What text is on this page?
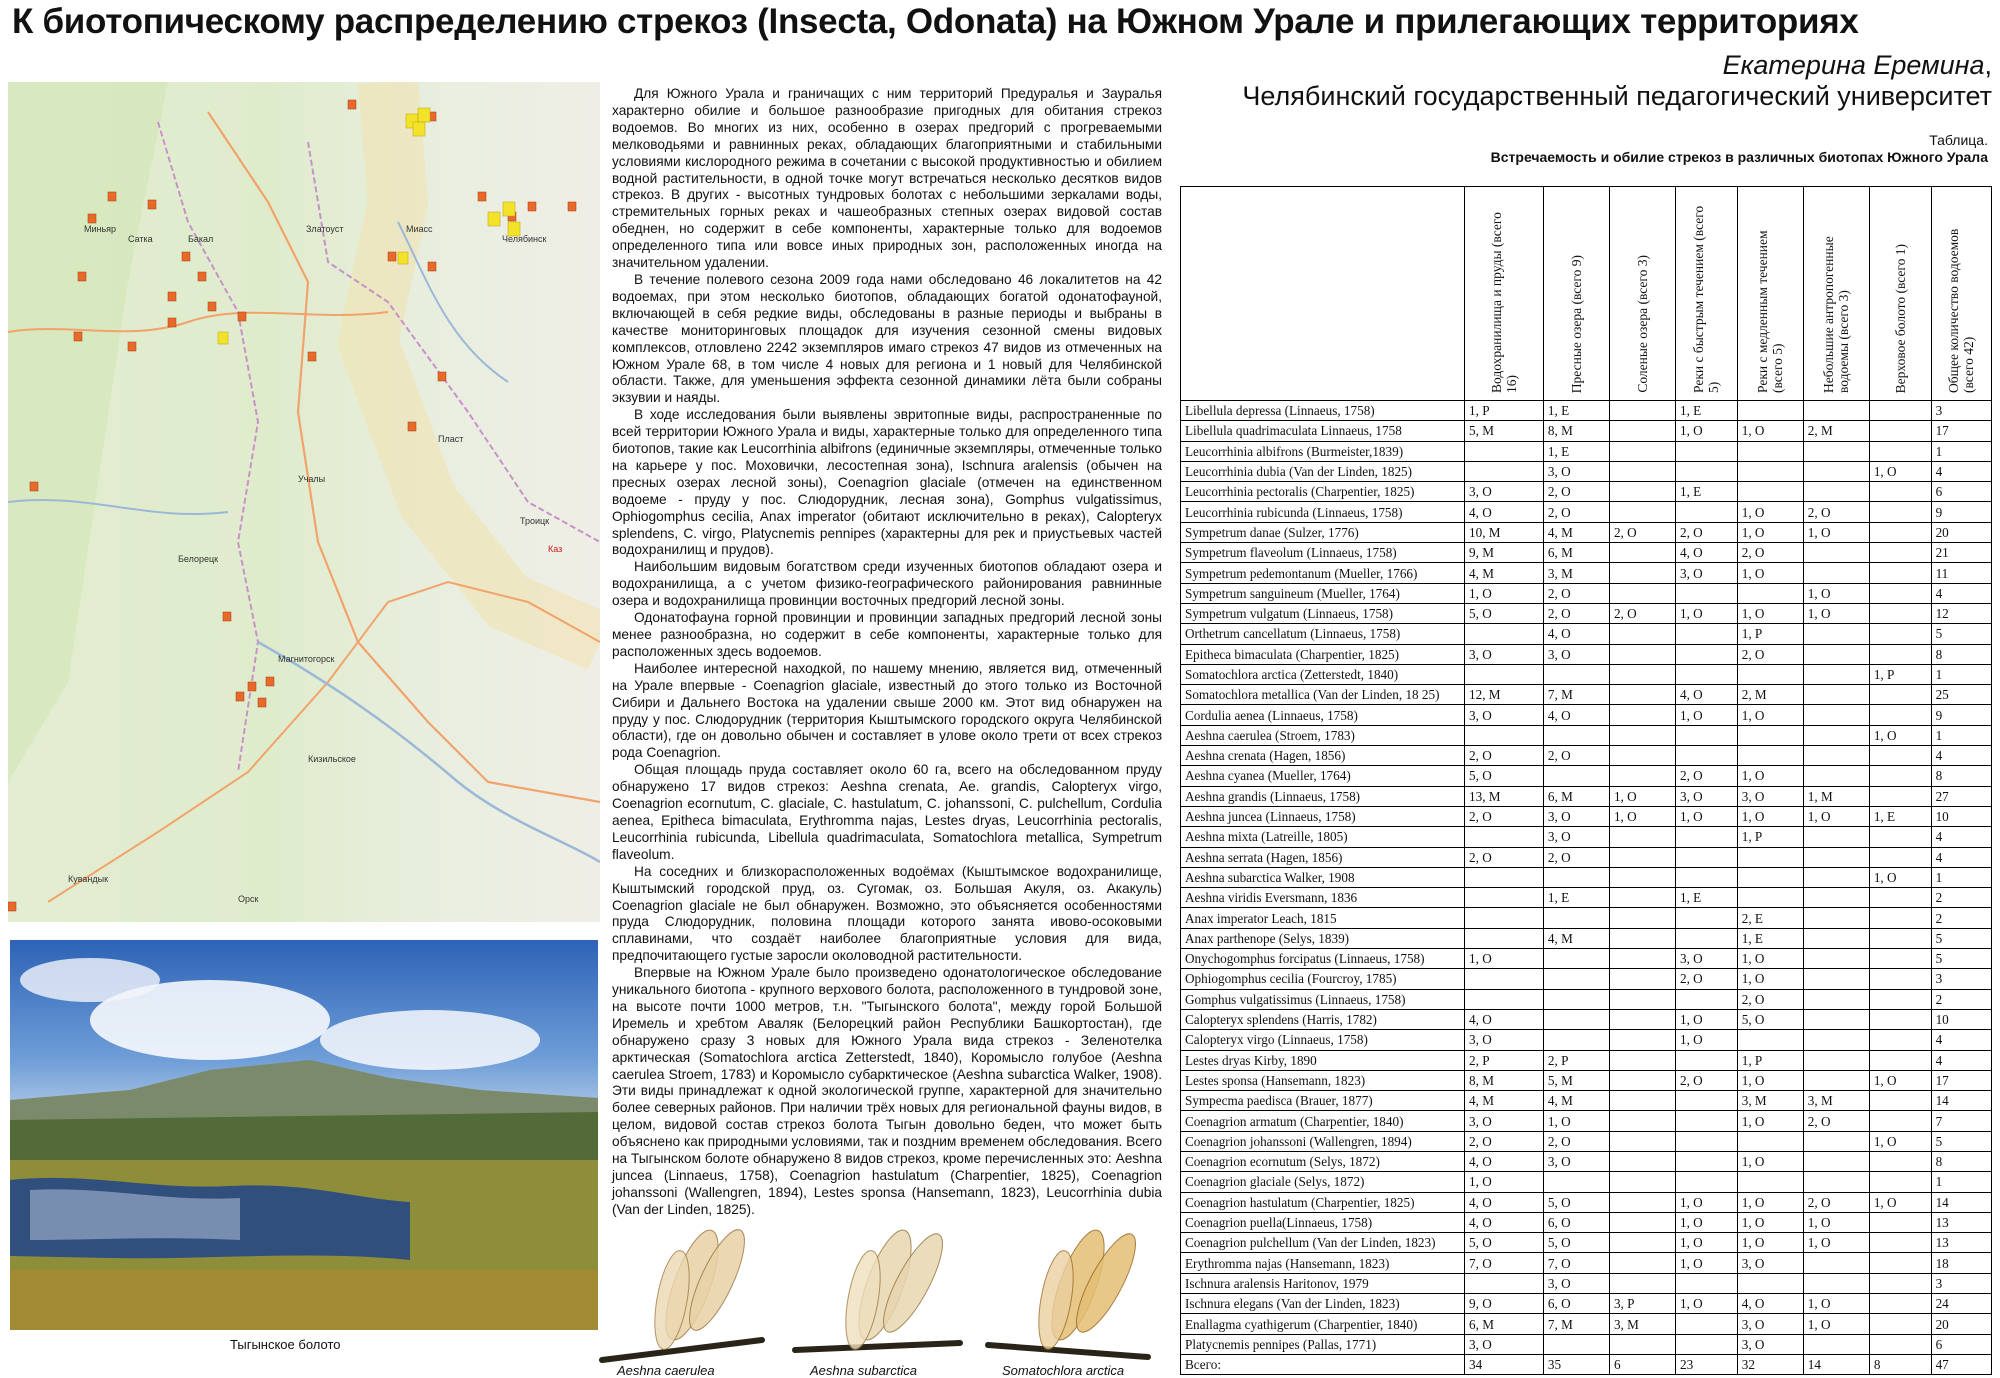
К биотопическому распределению стрекоз (Insecta, Odonata) на Южном Урале и прилегающих территориях
Екатерина Еремина,
Челябинский государственный педагогический университет
Миньяр
Сатка	Бакал
Златоуст	Миасс
Челябинск
Учалы
Белорецк
Магнитогорск
Пласт
Троицк
Кизильское
Кувандык
Орск
Каз
Тыгынское болото

Для Южного Урала и граничащих с ним территорий Предуралья и Зауралья характерно обилие и большое разнообразие пригодных для обитания стрекоз водоемов. Во многих из них, особенно в озерах предгорий с прогреваемыми мелководьями и равнинных реках, обладающих благоприятными и стабильными условиями кислородного режима в сочетании с высокой продуктивностью и обилием водной растительности, в одной точке могут встречаться несколько десятков видов стрекоз. В других - высотных тундровых болотах с небольшими зеркалами воды, стремительных горных реках и чашеобразных степных озерах видовой состав обеднен, но содержит в себе компоненты, характерные только для водоемов определенного типа или вовсе иных природных зон, расположенных иногда на значительном удалении.

В течение полевого сезона 2009 года нами обследовано 46 локалитетов на 42 водоемах, при этом несколько биотопов, обладающих богатой одонатофауной, включающей в себя редкие виды, обследованы в разные периоды и выбраны в качестве мониторинговых площадок для изучения сезонной смены видовых комплексов, отловлено 2242 экземпляров имаго стрекоз 47 видов из отмеченных на Южном Урале 68, в том числе 4 новых для региона и 1 новый для Челябинской области. Также, для уменьшения эффекта сезонной динамики лёта были собраны экзувии и наяды.

В ходе исследования были выявлены эвритопные виды, распространенные по всей территории Южного Урала и виды, характерные только для определенного типа биотопов, такие как Leucorrhinia albifrons (единичные экземпляры, отмеченные только на карьере у пос. Моховички, лесостепная зона), Ischnura aralensis (обычен на пресных озерах лесной зоны), Coenagrion glaciale (отмечен на единственном водоеме - пруду у пос. Слюдорудник, лесная зона), Gomphus vulgatissimus, Ophiogomphus cecilia, Anax imperator (обитают исключительно в реках), Calopteryx splendens, C. virgo, Platycnemis pennipes (характерны для рек и приустьевых частей водохранилищ и прудов).

Наибольшим видовым богатством среди изученных биотопов обладают озера и водохранилища, а с учетом физико-географического районирования равнинные озера и водохранилища провинции восточных предгорий лесной зоны.

Одонатофауна горной провинции и провинции западных предгорий лесной зоны менее разнообразна, но содержит в себе компоненты, характерные только для расположенных здесь водоемов.

Наиболее интересной находкой, по нашему мнению, является вид, отмеченный на Урале впервые - Coenagrion glaciale, известный до этого только из Восточной Сибири и Дальнего Востока на удалении свыше 2000 км. Этот вид обнаружен на пруду у пос. Слюдорудник (территория Кыштымского городского округа Челябинской области), где он довольно обычен и составляет в улове около трети от всех стрекоз рода Coenagrion.

Общая площадь пруда составляет около 60 га, всего на обследованном пруду обнаружено 17 видов стрекоз: Aeshna crenata, Ae. grandis, Calopteryx virgo, Coenagrion ecornutum, C. glaciale, C. hastulatum, C. johanssoni, C. pulchellum, Cordulia aenea, Epitheca bimaculata, Erythromma najas, Lestes dryas, Leucorrhinia pectoralis, Leucorrhinia rubicunda, Libellula quadrimaculata, Somatochlora metallica, Sympetrum flaveolum.

На соседних и близкорасположенных водоёмах (Кыштымское водохранилище, Кыштымский городской пруд, оз. Сугомак, оз. Большая Акуля, оз. Акакуль) Coenagrion glaciale не был обнаружен. Возможно, это объясняется особенностями пруда Слюдорудник, половина площади которого занята ивово-осоковыми сплавинами, что создаёт наиболее благоприятные условия для вида, предпочитающего густые заросли околоводной растительности.

Впервые на Южном Урале было произведено одонатологическое обследование уникального биотопа - крупного верхового болота, расположенного в тундровой зоне, на высоте почти 1000 метров, т.н. "Тыгынского болота", между горой Большой Иремель и хребтом Аваляк (Белорецкий район Республики Башкортостан), где обнаружено сразу 3 новых для Южного Урала вида стрекоз - Зеленотелка арктическая (Somatochlora arctica Zetterstedt, 1840), Коромысло голубое (Aeshna caerulea Stroem, 1783) и Коромысло субарктическое (Aeshna subarctica Walker, 1908). Эти виды принадлежат к одной экологической группе, характерной для значительно более северных районов. При наличии трёх новых для региональной фауны видов, в целом, видовой состав стрекоз болота Тыгын довольно беден, что может быть объяснено как природными условиями, так и поздним временем обследования. Всего на Тыгынском болоте обнаружено 8 видов стрекоз, кроме перечисленных это: Aeshna juncea (Linnaeus, 1758), Coenagrion hastulatum (Charpentier, 1825), Coenagrion johanssoni (Wallengren, 1894), Lestes sponsa (Hansemann, 1823), Leucorrhinia dubia (Van der Linden, 1825).

Aeshna caerulea	Aeshna subarctica	Somatochlora arctica
Таблица.
Встречаемость и обилие стрекоз в различных биотопах Южного Урала
	Водохранилища и пруды (всего 16)	Пресные озера (всего 9)	Соленые озера (всего 3)	Реки с быстрым течением (всего 5)	Реки с медленным течением (всего 5)	Небольшие антропогенные водоемы (всего 3)	Верховое болото (всего 1)	Общее количество водоемов (всего 42)
Libellula depressa (Linnaeus, 1758)	1, P	1, E		1, E				3
Libellula quadrimaculata Linnaeus, 1758	5, M	8, M		1, O	1, O	2, M		17
Leucorrhinia albifrons (Burmeister,1839)		1, E						1
Leucorrhinia dubia (Van der Linden, 1825)		3, O					1, O	4
Leucorrhinia pectoralis (Charpentier, 1825)	3, O	2, O		1, E				6
Leucorrhinia rubicunda (Linnaeus, 1758)	4, O	2, O			1, O	2, O		9
Sympetrum danae (Sulzer, 1776)	10, M	4, M	2, O	2, O	1, O	1, O		20
Sympetrum flaveolum (Linnaeus, 1758)	9, M	6, M		4, O	2, O			21
Sympetrum pedemontanum (Mueller, 1766)	4, M	3, M		3, O	1, O			11
Sympetrum sanguineum (Mueller, 1764)	1, O	2, O				1, O		4
Sympetrum vulgatum (Linnaeus, 1758)	5, O	2, O	2, O	1, O	1, O	1, O		12
Orthetrum cancellatum (Linnaeus, 1758)		4, O			1, P			5
Epitheca bimaculata (Charpentier, 1825)	3, O	3, O			2, O			8
Somatochlora arctica (Zetterstedt, 1840)							1, P	1
Somatochlora metallica (Van der Linden, 18 25)	12, M	7, M		4, O	2, M			25
Cordulia aenea (Linnaeus, 1758)	3, O	4, O		1, O	1, O			9
Aeshna caerulea (Stroem, 1783)							1, O	1
Aeshna crenata (Hagen, 1856)	2, O	2, O						4
Aeshna cyanea (Mueller, 1764)	5, O			2, O	1, O			8
Aeshna grandis (Linnaeus, 1758)	13, M	6, M	1, O	3, O	3, O	1, M		27
Aeshna juncea (Linnaeus, 1758)	2, O	3, O	1, O	1, O	1, O	1, O	1, E	10
Aeshna mixta (Latreille, 1805)		3, O			1, P			4
Aeshna serrata (Hagen, 1856)	2, O	2, O						4
Aeshna subarctica Walker, 1908							1, O	1
Aeshna viridis Eversmann, 1836		1, E		1, E				2
Anax imperator Leach, 1815					2, E			2
Anax parthenope (Selys, 1839)		4, M			1, E			5
Onychogomphus forcipatus (Linnaeus, 1758)	1, O			3, O	1, O			5
Ophiogomphus cecilia (Fourcroy, 1785)				2, O	1, O			3
Gomphus vulgatissimus (Linnaeus, 1758)					2, O			2
Calopteryx splendens (Harris, 1782)	4, O			1, O	5, O			10
Calopteryx virgo (Linnaeus, 1758)	3, O			1, O				4
Lestes dryas Kirby, 1890	2, P	2, P			1, P			4
Lestes sponsa (Hansemann, 1823)	8, M	5, M		2, O	1, O		1, O	17
Sympecma paedisca (Brauer, 1877)	4, M	4, M			3, M	3, M		14
Coenagrion armatum (Charpentier, 1840)	3, O	1, O			1, O	2, O		7
Coenagrion johanssoni (Wallengren, 1894)	2, O	2, O					1, O	5
Coenagrion ecornutum (Selys, 1872)	4, O	3, O			1, O			8
Coenagrion glaciale (Selys, 1872)	1, O							1
Coenagrion hastulatum (Charpentier, 1825)	4, O	5, O		1, O	1, O	2, O	1, O	14
Coenagrion puella(Linnaeus, 1758)	4, O	6, O		1, O	1, O	1, O		13
Coenagrion pulchellum (Van der Linden, 1823)	5, O	5, O		1, O	1, O	1, O		13
Erythromma najas (Hansemann, 1823)	7, O	7, O		1, O	3, O			18
Ischnura aralensis Haritonov, 1979		3, O						3
Ischnura elegans (Van der Linden, 1823)	9, O	6, O	3, P	1, O	4, O	1, O		24
Enallagma cyathigerum (Charpentier, 1840)	6, M	7, M	3, M		3, O	1, O		20
Platycnemis pennipes (Pallas, 1771)	3, O				3, O			6
Всего:	34	35	6	23	32	14	8	47
